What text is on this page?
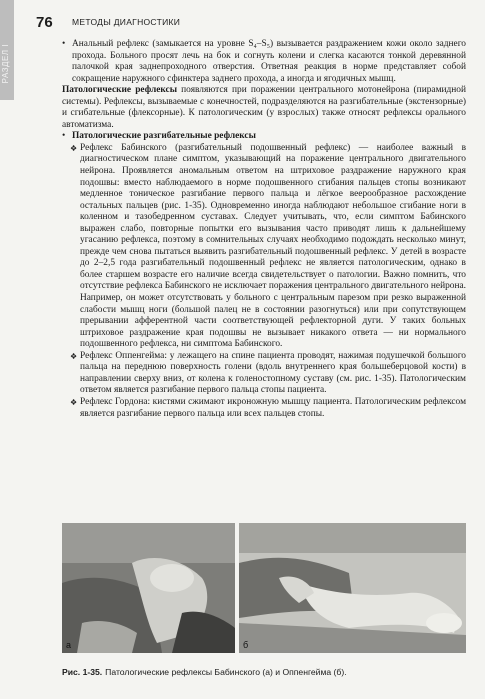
РАЗДЕЛ I
76 МЕТОДЫ ДИАГНОСТИКИ

• Анальный рефлекс (замыкается на уровне S₄–S₅) вызывается раздражением кожи около заднего прохода. Больного просят лечь на бок и согнуть колени и слегка касаются тонкой деревянной палочкой края заднепроходного отверстия. Ответная реакция в норме представляет собой сокращение наружного сфинктера заднего прохода, а иногда и ягодичных мышц.

Патологические рефлексы появляются при поражении центрального мотонейрона (пирамидной системы). Рефлексы, вызываемые с конечностей, подразделяются на разгибательные (экстензорные) и сгибательные (флексорные). К патологическим (у взрослых) также относят рефлексы орального автоматизма.

• Патологические разгибательные рефлексы

❖ Рефлекс Бабинского (разгибательный подошвенный рефлекс) — наиболее важный в диагностическом плане симптом, указывающий на поражение центрального двигательного нейрона. Проявляется аномальным ответом на штриховое раздражение наружного края подошвы: вместо наблюдаемого в норме подошвенного сгибания пальцев стопы возникают медленное тоническое разгибание первого пальца и лёгкое веерообразное расхождение остальных пальцев (рис. 1-35). Одновременно иногда наблюдают небольшое сгибание ноги в коленном и тазобедренном суставах. Следует учитывать, что, если симптом Бабинского выражен слабо, повторные попытки его вызывания часто приводят лишь к дальнейшему угасанию рефлекса, поэтому в сомнительных случаях необходимо подождать несколько минут, прежде чем снова пытаться выявить разгибательный подошвенный рефлекс. У детей в возрасте до 2–2,5 года разгибательный подошвенный рефлекс не является патологическим, однако в более старшем возрасте его наличие всегда свидетельствует о патологии. Важно помнить, что отсутствие рефлекса Бабинского не исключает поражения центрального двигательного нейрона. Например, он может отсутствовать у больного с центральным парезом при резко выраженной слабости мышц ноги (большой палец не в состоянии разогнуться) или при сопутствующем прерывании афферентной части соответствующей рефлекторной дуги. У таких больных штриховое раздражение края подошвы не вызывает никакого ответа — ни нормального подошвенного рефлекса, ни симптома Бабинского.

❖ Рефлекс Оппенгейма: у лежащего на спине пациента проводят, нажимая подушечкой большого пальца на переднюю поверхность голени (вдоль внутреннего края большеберцовой кости) в направлении сверху вниз, от колена к голеностопному суставу (см. рис. 1-35). Патологическим ответом является разгибание первого пальца стопы пациента.

❖ Рефлекс Гордона: кистями сжимают икроножную мышцу пациента. Патологическим рефлексом является разгибание первого пальца или всех пальцев стопы.

а	б
Рис. 1-35. Патологические рефлексы Бабинского (а) и Оппенгейма (б).
